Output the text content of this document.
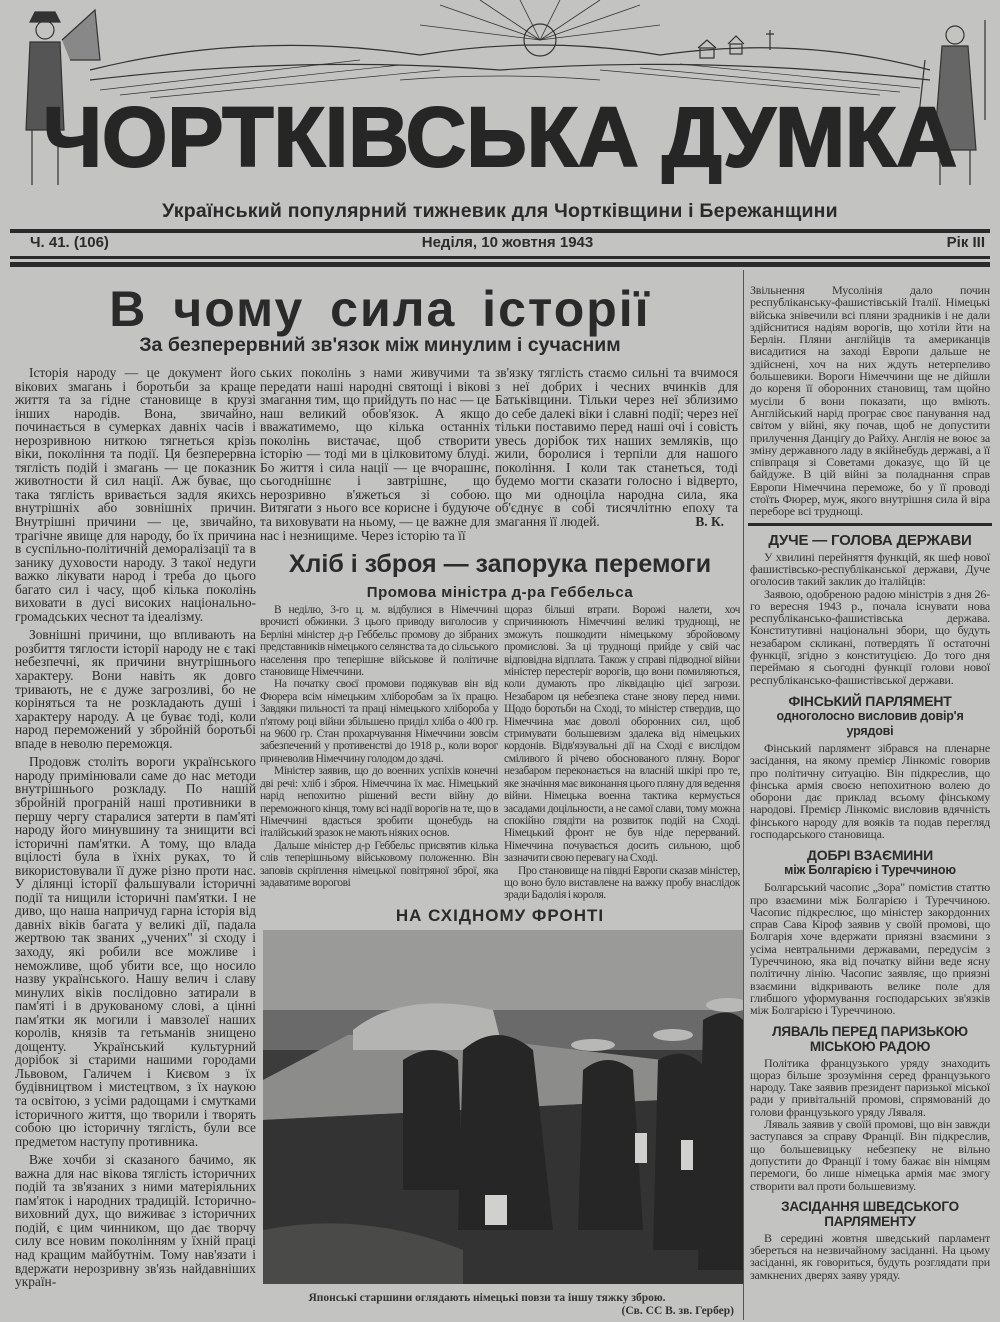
ЧОРТКІВСЬКА ДУМКА
Український популярний тижневик для Чортківщини і Бережанщини
Ч. 41. (106)	Неділя, 10 жовтня 1943	Рік III
В чому сила історії
За безперервний зв'язок між минулим і сучасним

Історія народу — це документ його вікових змагань і боротьби за краще життя та за гідне становище в крузі інших народів. Вона, звичайно, починається в сумерках давніх часів і нерозривною ниткою тягнеться крізь віки, покоління та події. Ця безперервна тяглість подій і змагань — це показник животности й сил нації. Аж буває, що така тяглість вривається задля якихсь внутрішніх або зовнішніх причин. Внутрішні причини — це, звичайно, трагічне явище для народу, бо їх причина в суспільно-політичній деморалізації та в занику духовости народу. З такої недуги важко лікувати народ і треба до цього багато сил і часу, щоб кілька поколінь виховати в дусі високих національно-громадських чеснот та ідеалізму.

Зовнішні причини, що впливають на розбиття тяглости історії народу не є такі небезпечні, як причини внутрішнього характеру. Вони навіть як довго тривають, не є дуже загрозливі, бо не коріняться та не розкладають душі і характеру народу. А це буває тоді, коли народ переможений у збройній боротьбі впаде в неволю переможця.

Продовж століть вороги українського народу примінювали саме до нас методи внутрішнього розкладу. По нашій збройній програній наші противники в першу чергу старалися затерти в пам'яті народу його минувшину та знищити всі історичні пам'ятки. А тому, що влада вцілості була в їхніх руках, то й використовували її дуже різно проти нас. У ділянці історії фальшували історичні події та нищили історичні пам'ятки. І не диво, що наша напричуд гарна історія від давніх віків багата у великі дії, падала жертвою так званих „учених" зі сходу і заходу, які робили все можливе і неможливе, щоб убити все, що носило назву українського. Нашу велич і славу минулих віків послідовно затирали в пам'яті і в друкованому слові, а цінні пам'ятки як могили і мавзолеї наших королів, князів та гетьманів знищено дощенту. Український культурний дорібок зі старими нашими городами Львовом, Галичем і Києвом з їх будівництвом і мистецтвом, з їх наукою та освітою, з усіми радощами і смутками історичного життя, що творили і творять собою цю історичну тяглість, були все предметом наступу противника.

Вже хочби зі сказаного бачимо, як важна для нас вікова тяглість історичних подій та зв'язаних з ними матеріяльних пам'яток і народних традицій. Історично-виховний дух, що виживає з історичних подій, є цим чинником, що дає творчу силу все новим поколінням у їхній праці над кращим майбутнім. Тому нав'язати і вдержати нерозривну зв'язь найдавніших україн-

ських поколінь з нами живучими та передати наші народні святощі і вікові змагання тим, що прийдуть по нас — це наш великий обов'язок. А якщо вважатимемо, що кілька останніх поколінь вистачає, щоб створити історію — тоді ми в цілковитому блуді. Бо життя і сила нації — це вчорашнє, сьогоднішнє і завтрішнє, що нерозривно в'яжеться зі собою. Витягати з нього все корисне і будуюче та виховувати на ньому, — це важне для нас і незнищиме. Через історію та її

зв'язку тяглість стаємо сильні та вчимося з неї добрих і чесних вчинків для Батьківщини. Тільки через неї зблизимо до себе далекі віки і славні події; через неї тільки поставимо перед наші очі і совість увесь дорібок тих наших земляків, що жили, боролися і терпіли для нашого покоління. І коли так станеться, тоді будемо могти сказати голосно і відверто, що ми одноціла народна сила, яка об'єднує в собі тисячлітню епоху та змагання її людей.	В. К.
Хліб і зброя — запорука перемоги
Промова міністра д-ра Геббельса

В неділю, 3-го ц. м. відбулися в Німеччині врочисті обжинки. З цього приводу виголосив у Берліні міністер д-р Геббельс промову до зібраних представників німецького селянства та до сільського населення про теперішне військове й політичне становище Німеччини.

На початку своєї промови подякував він від Фюрера всім німецьким хліборобам за їх працю. Завдяки пильності та праці німецького хлібороба у п'ятому році війни збільшено приділ хліба о 400 гр. на 9600 гр. Стан прохарчування Німеччини зовсім забезпечений у противенстві до 1918 р., коли ворог приневолив Німеччину голодом до здачі.

Міністер заявив, що до военних успіхів конечні дві речі: хліб і зброя. Німеччина їх має. Німецький нарід непохитно рішений вести війну до переможного кінця, тому всі надії ворогів на те, що в Німеччині вдасться зробити щонебудь на італійський зразок не мають ніяких основ.

Дальше міністер д-р Геббельс присвятив кілька слів теперішньому військовому положенню. Він заповів скріплення німецької повітряної зброї, яка задаватиме ворогові

щораз більші втрати. Ворожі налети, хоч спричинюють Німеччині великі труднощі, не зможуть пошкодити німецькому збройовому промислові. За ці труднощі прийде у свій час відповідна відплата. Також у справі підводної війни міністер перестеріг ворогів, що вони помиляються, коли думають про ліквідацію цієї загрози. Незабаром ця небезпека стане знову перед ними. Щодо боротьби на Сході, то міністер ствердив, що Німеччина має доволі оборонних сил, щоб стримувати большевизм здалека від німецьких кордонів. Відв'язувальні дії на Сході є вислідом сміливого й річево обоснованого пляну. Ворог незабаром переконається на власній шкірі про те, яке значіння має виконання цього пляну для ведення війни. Німецька военна тактика кермується засадами доцільности, а не самої слави, тому можна спокійно глядіти на розвиток подій на Сході. Німецький фронт не був ніде перерваний. Німеччина почувається досить сильною, щоб зазначити свою перевагу на Сході.

Про становище на півдні Европи сказав міністер, що воно було виставлене на важку пробу внаслідок зради Бадолія і короля.

НА СХІДНОМУ ФРОНТІ
Японські старшини оглядають німецькі повзи та іншу тяжку зброю.
(Св. СС В. зв. Гербер)

Звільнення Мусолінія дало почин республіканську-фашистівській Італії. Німецькі війська знівечили всі пляни зрадників і не дали здійснитися надіям ворогів, що хотіли йти на Берлін. Пляни англійців та американців висадитися на заході Европи дальше не здійснені, хоч на них ждуть нетерпеливо большевики. Вороги Німеччини ще не дійшли до кореня її оборонних становищ, там щойно мусіли б вони показати, що вміють. Англійський нарід програє своє панування над світом у війні, яку почав, щоб не допустити прилучення Данціґу до Райху. Англія не воює за зміну державного ладу в якійнебудь державі, а її співпраця зі Советами доказує, що їй це байдуже. В цій війні за поладнання справ Европи Німеччина переможе, бо у її проводі стоїть Фюрер, муж, якого внутрішня сила й віра переборе всі труднощі.

ДУЧЕ — ГОЛОВА ДЕРЖАВИ

У хвилині перейняття функцій, як шеф нової фашистівсько-республіканської держави, Дуче оголосив такий заклик до італійців:

Заявою, одобреною радою міністрів з дня 26-го вересня 1943 р., почала існувати нова республіканськo-фашистівська держава. Конститутивні національні збори, що будуть незабаром скликані, потвердять її остаточні функції, згідно з конституцією. До того дня переймаю я сьогодні функції голови нової республіканськo-фашистівської держави.

ФІНСЬКИЙ ПАРЛЯМЕНТ
одноголосно висловив довір'я урядові

Фінський парлямент зібрався на пленарне засідання, на якому премієр Лінкоміс говорив про політичну ситуацію. Він підкреслив, що фінська армія своєю непохитною волею до оборони дає приклад всьому фінському народові. Премієр Лінкоміс висловив вдячність фінського народу для вояків та подав перегляд господарського становища.

ДОБРІ ВЗАЄМИНИ
між Болгарією і Туреччиною

Болгарський часопис „Зора" помістив статтю про взаємини між Болгарією і Туреччиною. Часопис підкреслює, що міністер закордонних справ Сава Кіроф заявив у своїй промові, що Болгарія хоче вдержати приязні взаємини з усіма невтральними державами, передусім з Туреччиною, яка від початку війни веде ясну політичну лінію. Часопис заявляє, що приязні взаємини відкривають велике поле для глибшого уформування господарських зв'язків між Болгарією і Туреччиною.

ЛЯВАЛЬ ПЕРЕД ПАРИЗЬКОЮ МІСЬКОЮ РАДОЮ

Політика французького уряду знаходить щораз більше зрозуміння серед французького народу. Таке заявив президент паризької міської ради у привітальній промові, спрямованій до голови французького уряду Ляваля.

Ляваль заявив у своїй промові, що він завжди заступався за справу Франції. Він підкреслив, що большевицьку небезпеку не вільно допустити до Франції і тому бажає він німцям перемоги, бо лише німецька армія має змогу створити вал проти большевизму.

ЗАСІДАННЯ ШВЕДСЬКОГО ПАРЛЯМЕНТУ

В середині жовтня шведський парламент збереться на незвичайному засіданні. На цьому засіданні, як говориться, будуть розглядати при замкнених дверях заяву уряду.
